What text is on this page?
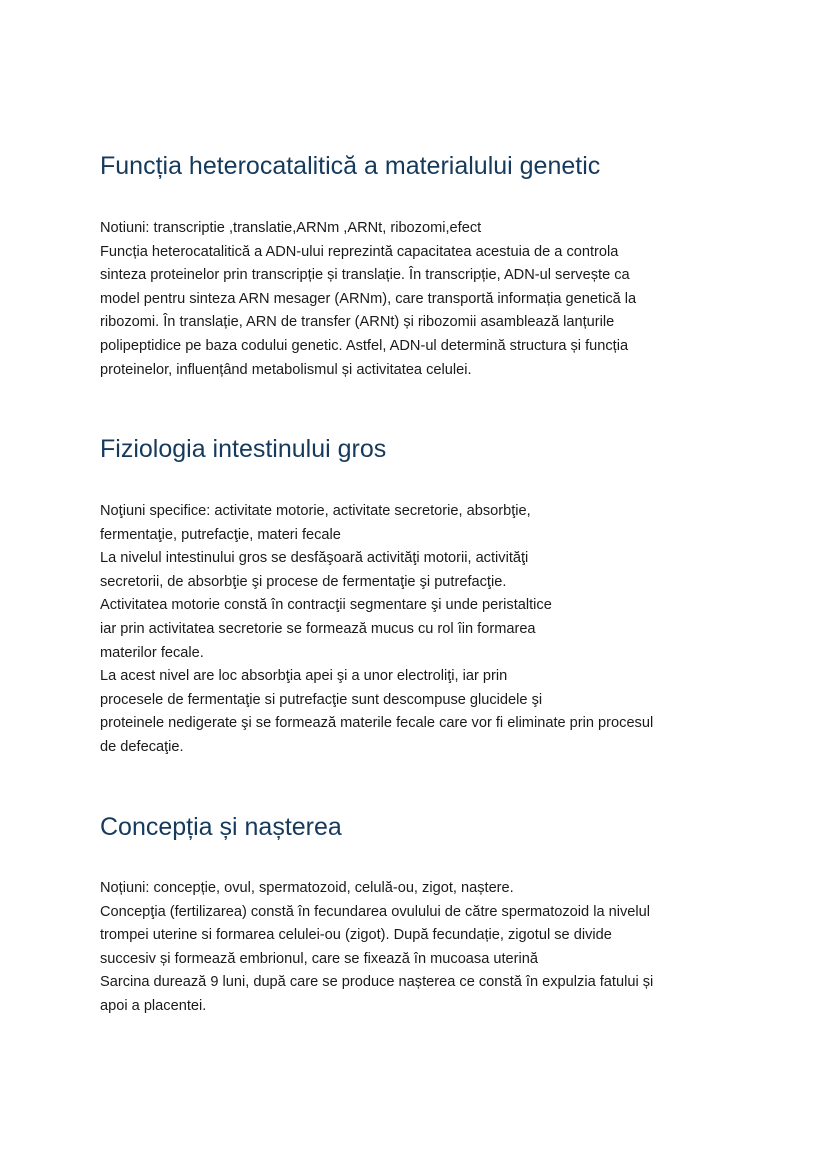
Funcția heterocatalitică a materialului genetic
Notiuni: transcriptie ,translatie,ARNm ,ARNt, ribozomi,efect
Funcția heterocatalitică a ADN-ului reprezintă capacitatea acestuia de a controla
sinteza proteinelor prin transcripție și translație. În transcripție, ADN-ul servește ca
model pentru sinteza ARN mesager (ARNm), care transportă informația genetică la
ribozomi. În translație, ARN de transfer (ARNt) și ribozomii asamblează lanțurile
polipeptidice pe baza codului genetic. Astfel, ADN-ul determină structura și funcția
proteinelor, influențând metabolismul și activitatea celulei.
Fiziologia intestinului gros
Noţiuni specifice: activitate motorie, activitate secretorie, absorbţie,
fermentaţie, putrefacţie, materi fecale
La nivelul intestinului gros se desfăşoară activităţi motorii, activităţi
secretorii, de absorbţie şi procese de fermentaţie şi putrefacţie.
Activitatea motorie constă în contracţii segmentare şi unde peristaltice
iar prin activitatea secretorie se formează mucus cu rol îin formarea
materilor fecale.
La acest nivel are loc absorbţia apei şi a unor electroliţi, iar prin
procesele de fermentaţie si putrefacţie sunt descompuse glucidele şi
proteinele nedigerate şi se formează materile fecale care vor fi eliminate prin procesul
de defecaţie.
Concepția și nașterea
Noțiuni: concepție, ovul, spermatozoid, celulă-ou, zigot, naștere.
Concepţia (fertilizarea) constă în fecundarea ovulului de către spermatozoid la nivelul
trompei uterine si formarea celulei-ou (zigot). După fecundație, zigotul se divide
succesiv și formează embrionul, care se fixează în mucoasa uterină
Sarcina durează 9 luni, după care se produce nașterea ce constă în expulzia fatului și
apoi a placentei.
